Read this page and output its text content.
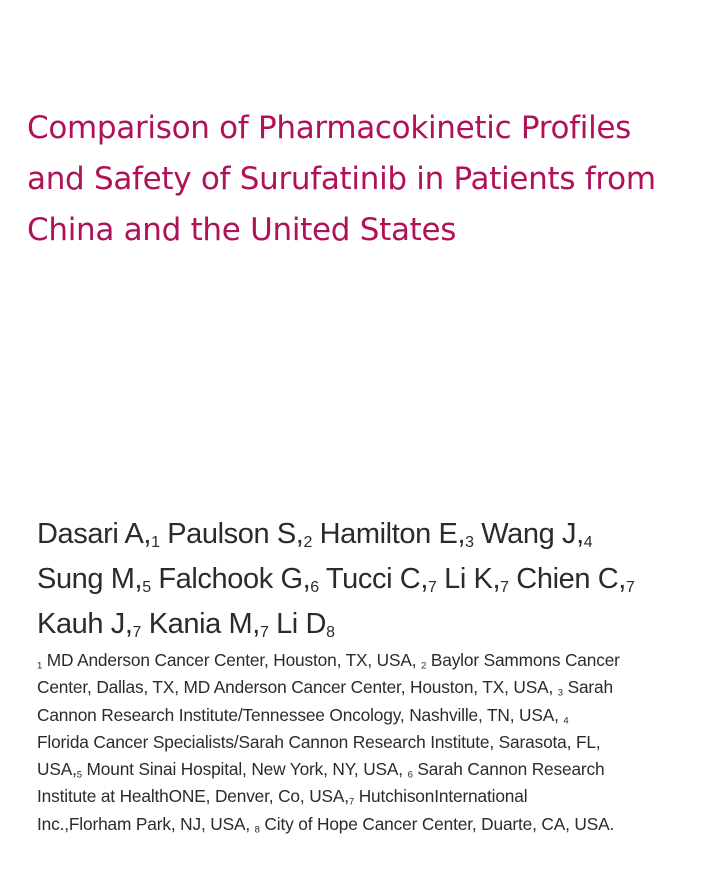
Comparison of Pharmacokinetic Profiles
and Safety of Surufatinib in Patients from
China and the United States
Dasari A,$^1$ Paulson S,$^2$ Hamilton E,$^3$ Wang J,$^4$
Sung M,$^5$ Falchook G,$^6$ Tucci C,$^7$ Li K,$^7$ Chien C,$^7$
Kauh J,$^7$ Kania M,$^7$ Li $D^8$
$^1$ MD Anderson Cancer Center, Houston, TX, USA, $^2$ Baylor Sammons Cancer
Center, Dallas, TX, MD Anderson Cancer Center, Houston, TX, USA, $^3$ Sarah
Cannon Research Institute/Tennessee Oncology, Nashville, TN, USA, $^4$
Florida Cancer Specialists/Sarah Cannon Research Institute, Sarasota, FL,
USA,$^5$ Mount Sinai Hospital, New York, NY, USA, $^6$ Sarah Cannon Research
Institute at HealthONE, Denver, Co, USA,$^7$ HutchisonInternational
Inc.,Florham Park, NJ, USA, $^8$ City of Hope Cancer Center, Duarte, CA, USA.
